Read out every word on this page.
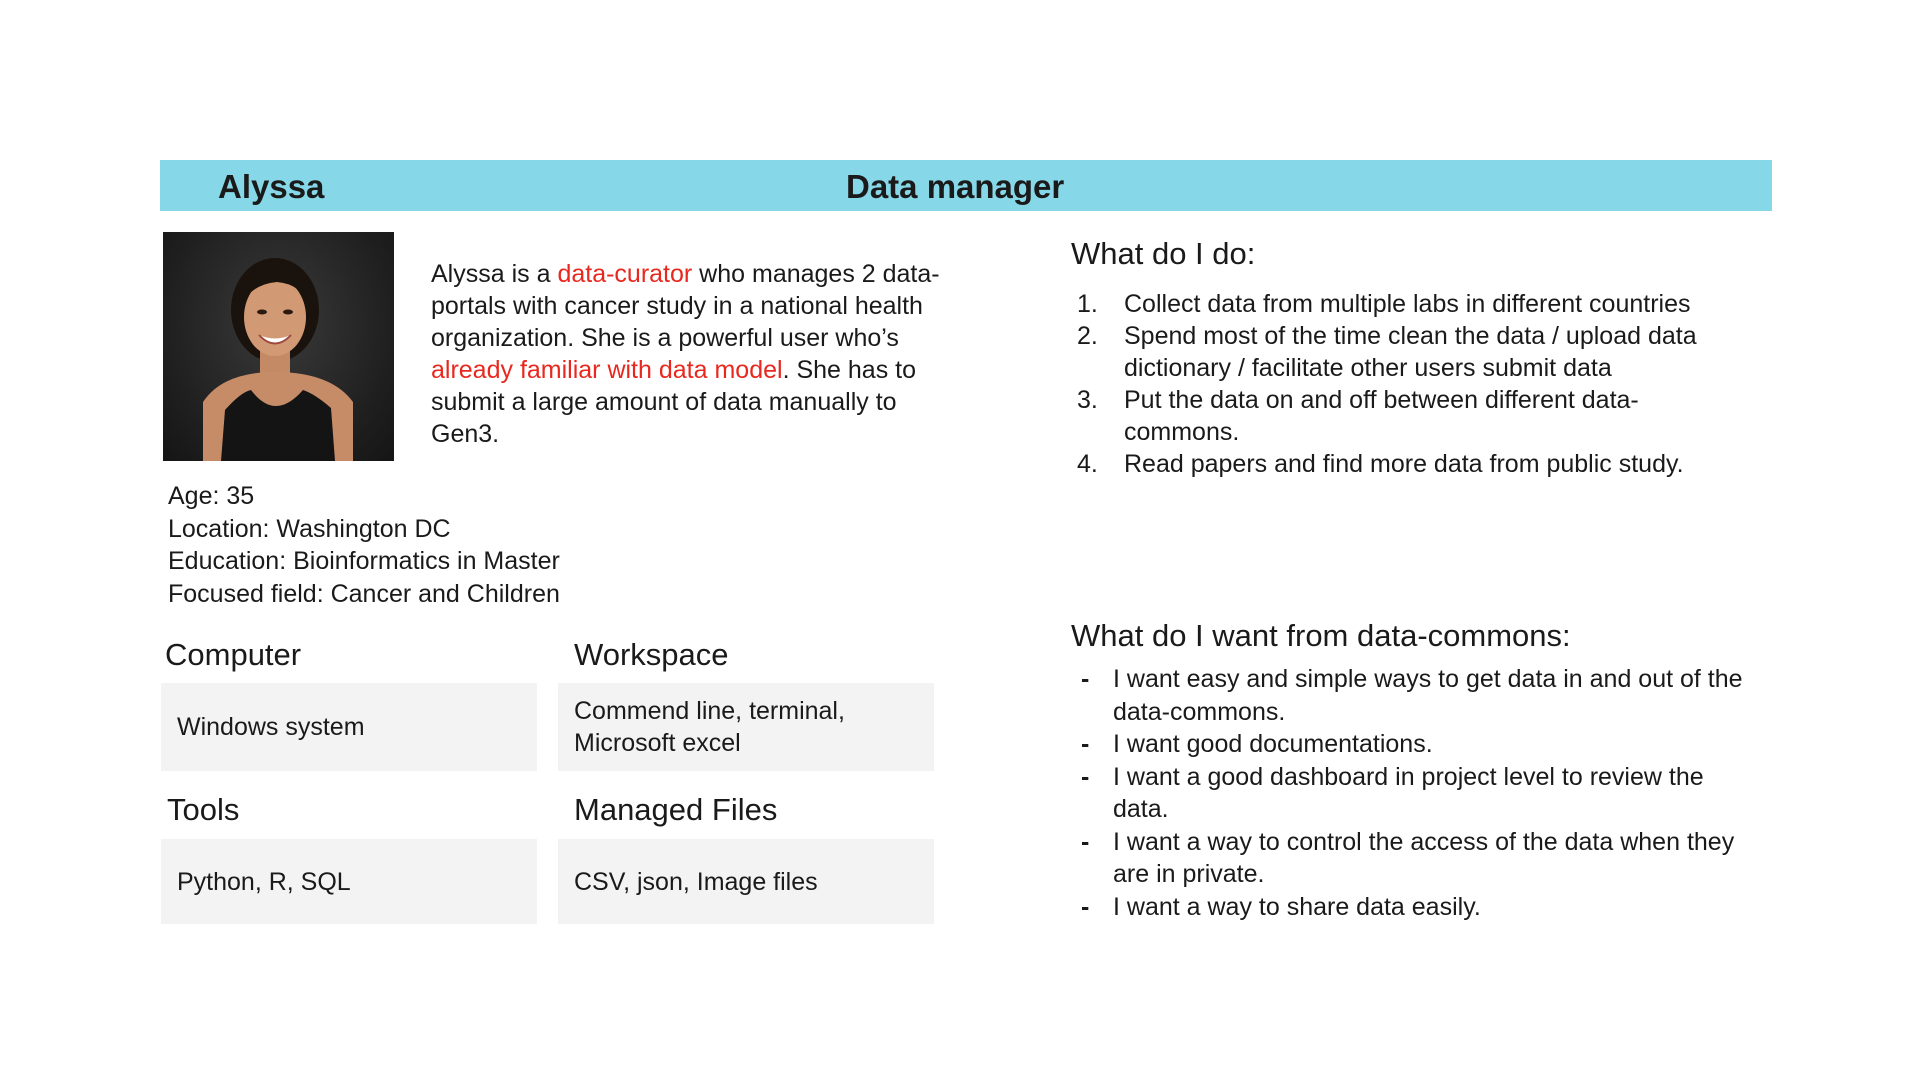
Alyssa	Data manager
Alyssa is a data-curator who manages 2 data-portals with cancer study in a national health organization. She is a powerful user who’s already familiar with data model. She has to submit a large amount of data manually to Gen3.
Age: 35
Location: Washington DC
Education: Bioinformatics in Master
Focused field: Cancer and Children
Computer
Windows system
Workspace
Commend line, terminal, Microsoft excel
Tools
Python, R, SQL
Managed Files
CSV, json, Image files
What do I do:
1. Collect data from multiple labs in different countries
2. Spend most of the time clean the data / upload data dictionary / facilitate other users submit data
3. Put the data on and off between different data-commons.
4. Read papers and find more data from public study.
What do I want from data-commons:
- I want easy and simple ways to get data in and out of the data-commons.
- I want good documentations.
- I want a good dashboard in project level to review the data.
- I want a way to control the access of the data when they are in private.
- I want a way to share data easily.
